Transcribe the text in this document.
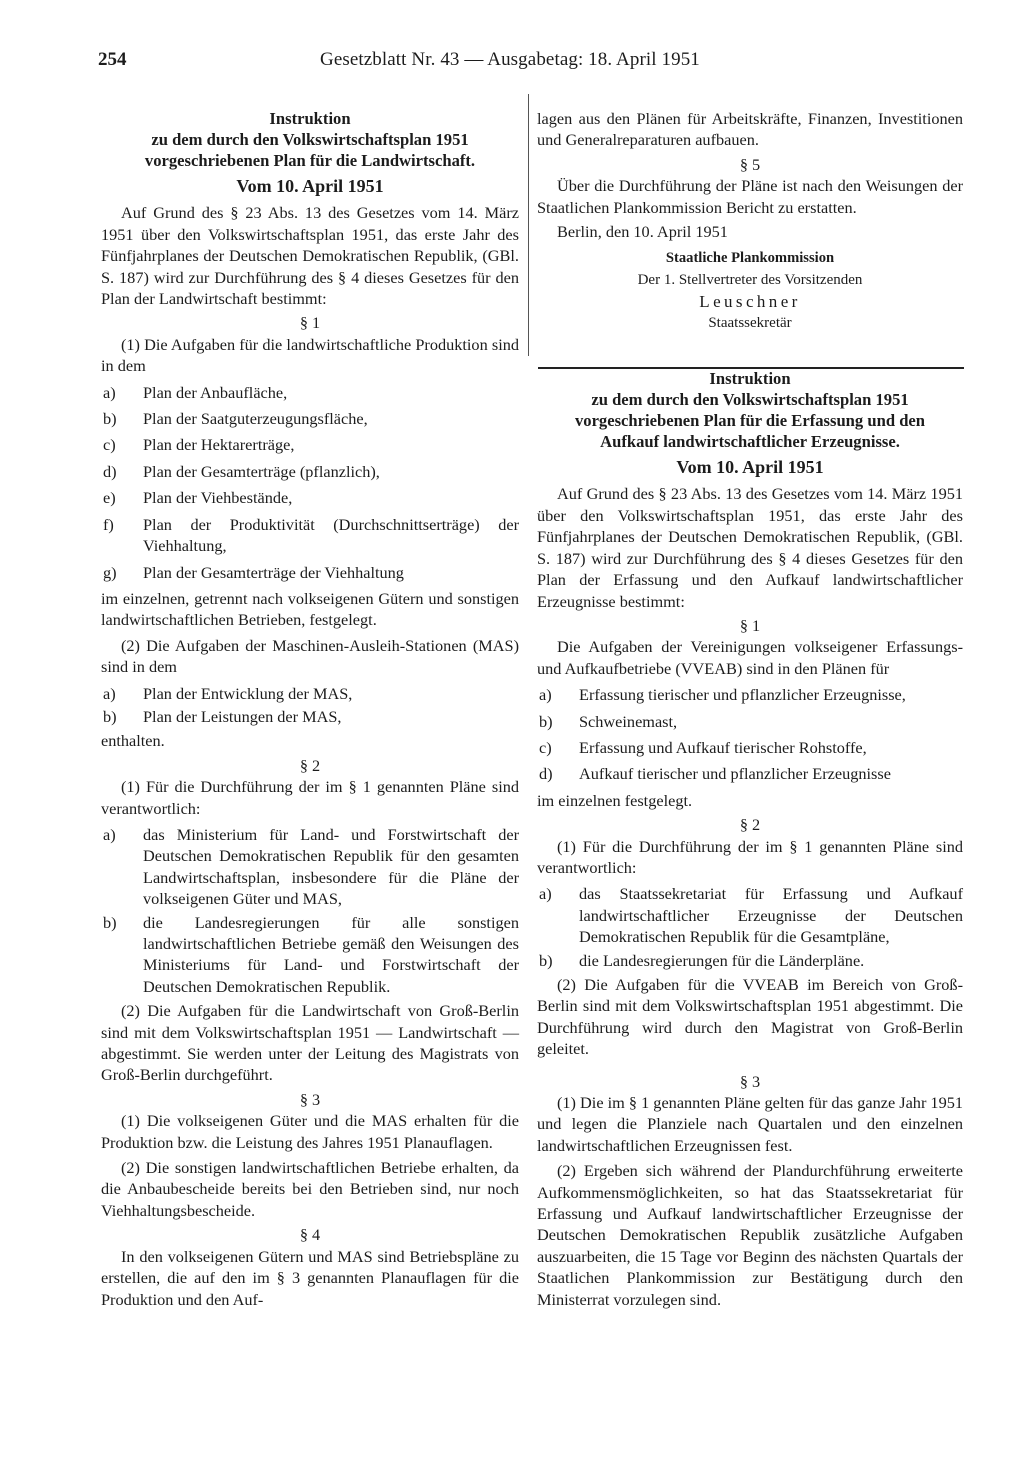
254	Gesetzblatt Nr. 43 — Ausgabetag: 18. April 1951
Instruktion
zu dem durch den Volkswirtschaftsplan 1951
vorgeschriebenen Plan für die Landwirtschaft.
Vom 10. April 1951

Auf Grund des § 23 Abs. 13 des Gesetzes vom 14. März 1951 über den Volkswirtschaftsplan 1951, das erste Jahr des Fünfjahrplanes der Deutschen Demokratischen Republik, (GBl. S. 187) wird zur Durchführung des § 4 dieses Gesetzes für den Plan der Landwirtschaft bestimmt:

§ 1

(1) Die Aufgaben für die landwirtschaftliche Produktion sind in dem

a)	Plan der Anbaufläche,
b)	Plan der Saatguterzeugungsfläche,
c)	Plan der Hektarerträge,
d)	Plan der Gesamterträge (pflanzlich),
e)	Plan der Viehbestände,
f)	Plan der Produktivität (Durchschnittserträge) der Viehhaltung,
g)	Plan der Gesamterträge der Viehhaltung

im einzelnen, getrennt nach volkseigenen Gütern und sonstigen landwirtschaftlichen Betrieben, festgelegt.

(2) Die Aufgaben der Maschinen-Ausleih-Stationen (MAS) sind in dem

a)	Plan der Entwicklung der MAS,
b)	Plan der Leistungen der MAS,

enthalten.

§ 2

(1) Für die Durchführung der im § 1 genannten Pläne sind verantwortlich:

a)	das Ministerium für Land- und Forstwirtschaft der Deutschen Demokratischen Republik für den gesamten Landwirtschaftsplan, insbesondere für die Pläne der volkseigenen Güter und MAS,
b)	die Landesregierungen für alle sonstigen landwirtschaftlichen Betriebe gemäß den Weisungen des Ministeriums für Land- und Forstwirtschaft der Deutschen Demokratischen Republik.

(2) Die Aufgaben für die Landwirtschaft von Groß-Berlin sind mit dem Volkswirtschaftsplan 1951 — Landwirtschaft — abgestimmt. Sie werden unter der Leitung des Magistrats von Groß-Berlin durchgeführt.

§ 3

(1) Die volkseigenen Güter und die MAS erhalten für die Produktion bzw. die Leistung des Jahres 1951 Planauflagen.

(2) Die sonstigen landwirtschaftlichen Betriebe erhalten, da die Anbaubescheide bereits bei den Betrieben sind, nur noch Viehhaltungsbescheide.

§ 4

In den volkseigenen Gütern und MAS sind Betriebspläne zu erstellen, die auf den im § 3 genannten Planauflagen für die Produktion und den Auf-

lagen aus den Plänen für Arbeitskräfte, Finanzen, Investitionen und Generalreparaturen aufbauen.

§ 5

Über die Durchführung der Pläne ist nach den Weisungen der Staatlichen Plankommission Bericht zu erstatten.

Berlin, den 10. April 1951

Staatliche Plankommission
Der 1. Stellvertreter des Vorsitzenden
Leuschner
Staatssekretär
Instruktion
zu dem durch den Volkswirtschaftsplan 1951
vorgeschriebenen Plan für die Erfassung und den
Aufkauf landwirtschaftlicher Erzeugnisse.
Vom 10. April 1951

Auf Grund des § 23 Abs. 13 des Gesetzes vom 14. März 1951 über den Volkswirtschaftsplan 1951, das erste Jahr des Fünfjahrplanes der Deutschen Demokratischen Republik, (GBl. S. 187) wird zur Durchführung des § 4 dieses Gesetzes für den Plan der Erfassung und den Aufkauf landwirtschaftlicher Erzeugnisse bestimmt:

§ 1

Die Aufgaben der Vereinigungen volkseigener Erfassungs- und Aufkaufbetriebe (VVEAB) sind in den Plänen für

a)	Erfassung tierischer und pflanzlicher Erzeugnisse,
b)	Schweinemast,
c)	Erfassung und Aufkauf tierischer Rohstoffe,
d)	Aufkauf tierischer und pflanzlicher Erzeugnisse

im einzelnen festgelegt.

§ 2

(1) Für die Durchführung der im § 1 genannten Pläne sind verantwortlich:

a)	das Staatssekretariat für Erfassung und Aufkauf landwirtschaftlicher Erzeugnisse der Deutschen Demokratischen Republik für die Gesamtpläne,
b)	die Landesregierungen für die Länderpläne.

(2) Die Aufgaben für die VVEAB im Bereich von Groß-Berlin sind mit dem Volkswirtschaftsplan 1951 abgestimmt. Die Durchführung wird durch den Magistrat von Groß-Berlin geleitet.

§ 3

(1) Die im § 1 genannten Pläne gelten für das ganze Jahr 1951 und legen die Planziele nach Quartalen und den einzelnen landwirtschaftlichen Erzeugnissen fest.

(2) Ergeben sich während der Plandurchführung erweiterte Aufkommensmöglichkeiten, so hat das Staatssekretariat für Erfassung und Aufkauf landwirtschaftlicher Erzeugnisse der Deutschen Demokratischen Republik zusätzliche Aufgaben auszuarbeiten, die 15 Tage vor Beginn des nächsten Quartals der Staatlichen Plankommission zur Bestätigung durch den Ministerrat vorzulegen sind.
